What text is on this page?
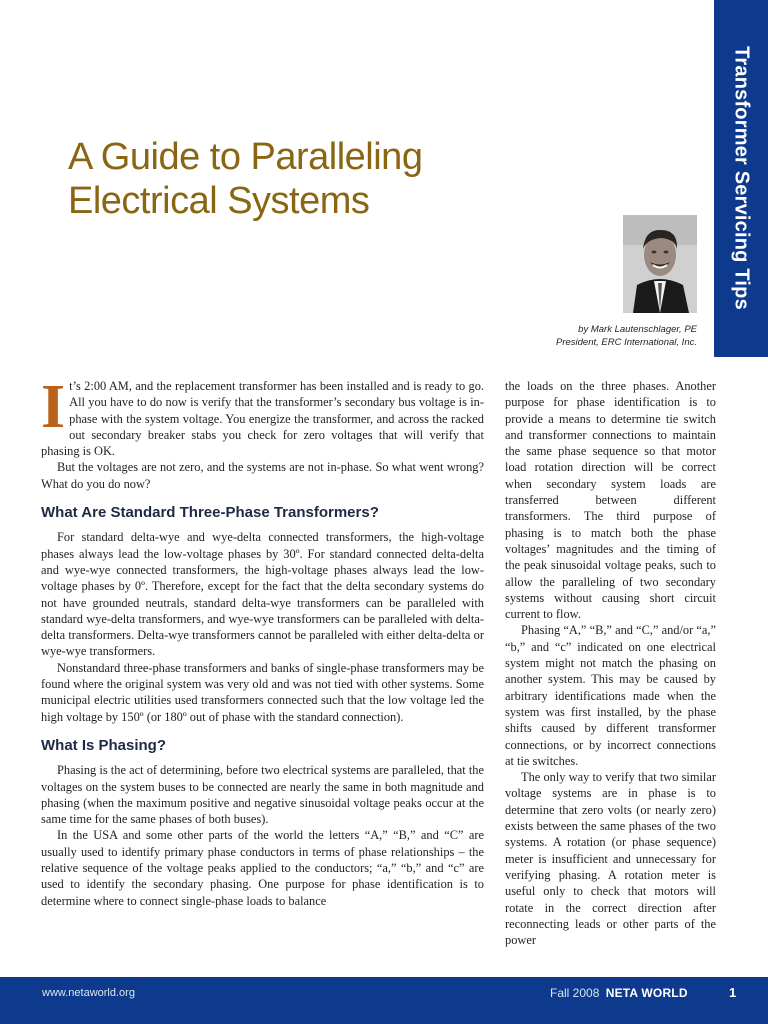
Transformer Servicing Tips
A Guide to Paralleling Electrical Systems
by Mark Lautenschlager, PE
President, ERC International, Inc.

It’s 2:00 AM, and the replacement transformer has been installed and is ready to go. All you have to do now is verify that the transformer’s secondary bus voltage is in-phase with the system voltage. You energize the transformer, and across the racked out secondary breaker stabs you check for zero voltages that will verify that phasing is OK.

But the voltages are not zero, and the systems are not in-phase. So what went wrong? What do you do now?

What Are Standard Three-Phase Transformers?

For standard delta-wye and wye-delta connected transformers, the high-voltage phases always lead the low-voltage phases by 30º. For standard connected delta-delta and wye-wye connected transformers, the high-voltage phases always lead the low-voltage phases by 0º. Therefore, except for the fact that the delta secondary systems do not have grounded neutrals, standard delta-wye transformers can be paralleled with standard wye-delta transformers, and wye-wye transformers can be paralleled with delta-delta transformers. Delta-wye transformers cannot be paralleled with either delta-delta or wye-wye transformers.

Nonstandard three-phase transformers and banks of single-phase transformers may be found where the original system was very old and was not tied with other systems. Some municipal electric utilities used transformers connected such that the low voltage led the high voltage by 150º (or 180º out of phase with the standard connection).

What Is Phasing?

Phasing is the act of determining, before two electrical systems are paralleled, that the voltages on the system buses to be connected are nearly the same in both magnitude and phasing (when the maximum positive and negative sinusoidal voltage peaks occur at the same time for the same phases of both buses).

In the USA and some other parts of the world the letters “A,” “B,” and “C” are usually used to identify primary phase conductors in terms of phase relationships – the relative sequence of the voltage peaks applied to the conductors; “a,” “b,” and “c” are used to identify the secondary phasing. One purpose for phase identification is to determine where to connect single-phase loads to balance

the loads on the three phases. Another purpose for phase identification is to provide a means to determine tie switch and transformer connections to maintain the same phase sequence so that motor load rotation direction will be correct when secondary system loads are transferred between different transformers. The third purpose of phasing is to match both the phase voltages’ magnitudes and the timing of the peak sinusoidal voltage peaks, such to allow the paralleling of two secondary systems without causing short circuit current to flow.

Phasing “A,” “B,” and “C,” and/or “a,” “b,” and “c” indicated on one electrical system might not match the phasing on another system. This may be caused by arbitrary identifications made when the system was first installed, by the phase shifts caused by different transformer connections, or by incorrect connections at tie switches.

The only way to verify that two similar voltage systems are in phase is to determine that zero volts (or nearly zero) exists between the same phases of the two systems. A rotation (or phase sequence) meter is insufficient and unnecessary for verifying phasing. A rotation meter is useful only to check that motors will rotate in the correct direction after reconnecting leads or other parts of the power

www.netaworld.org	Fall 2008 NETA WORLD	1
